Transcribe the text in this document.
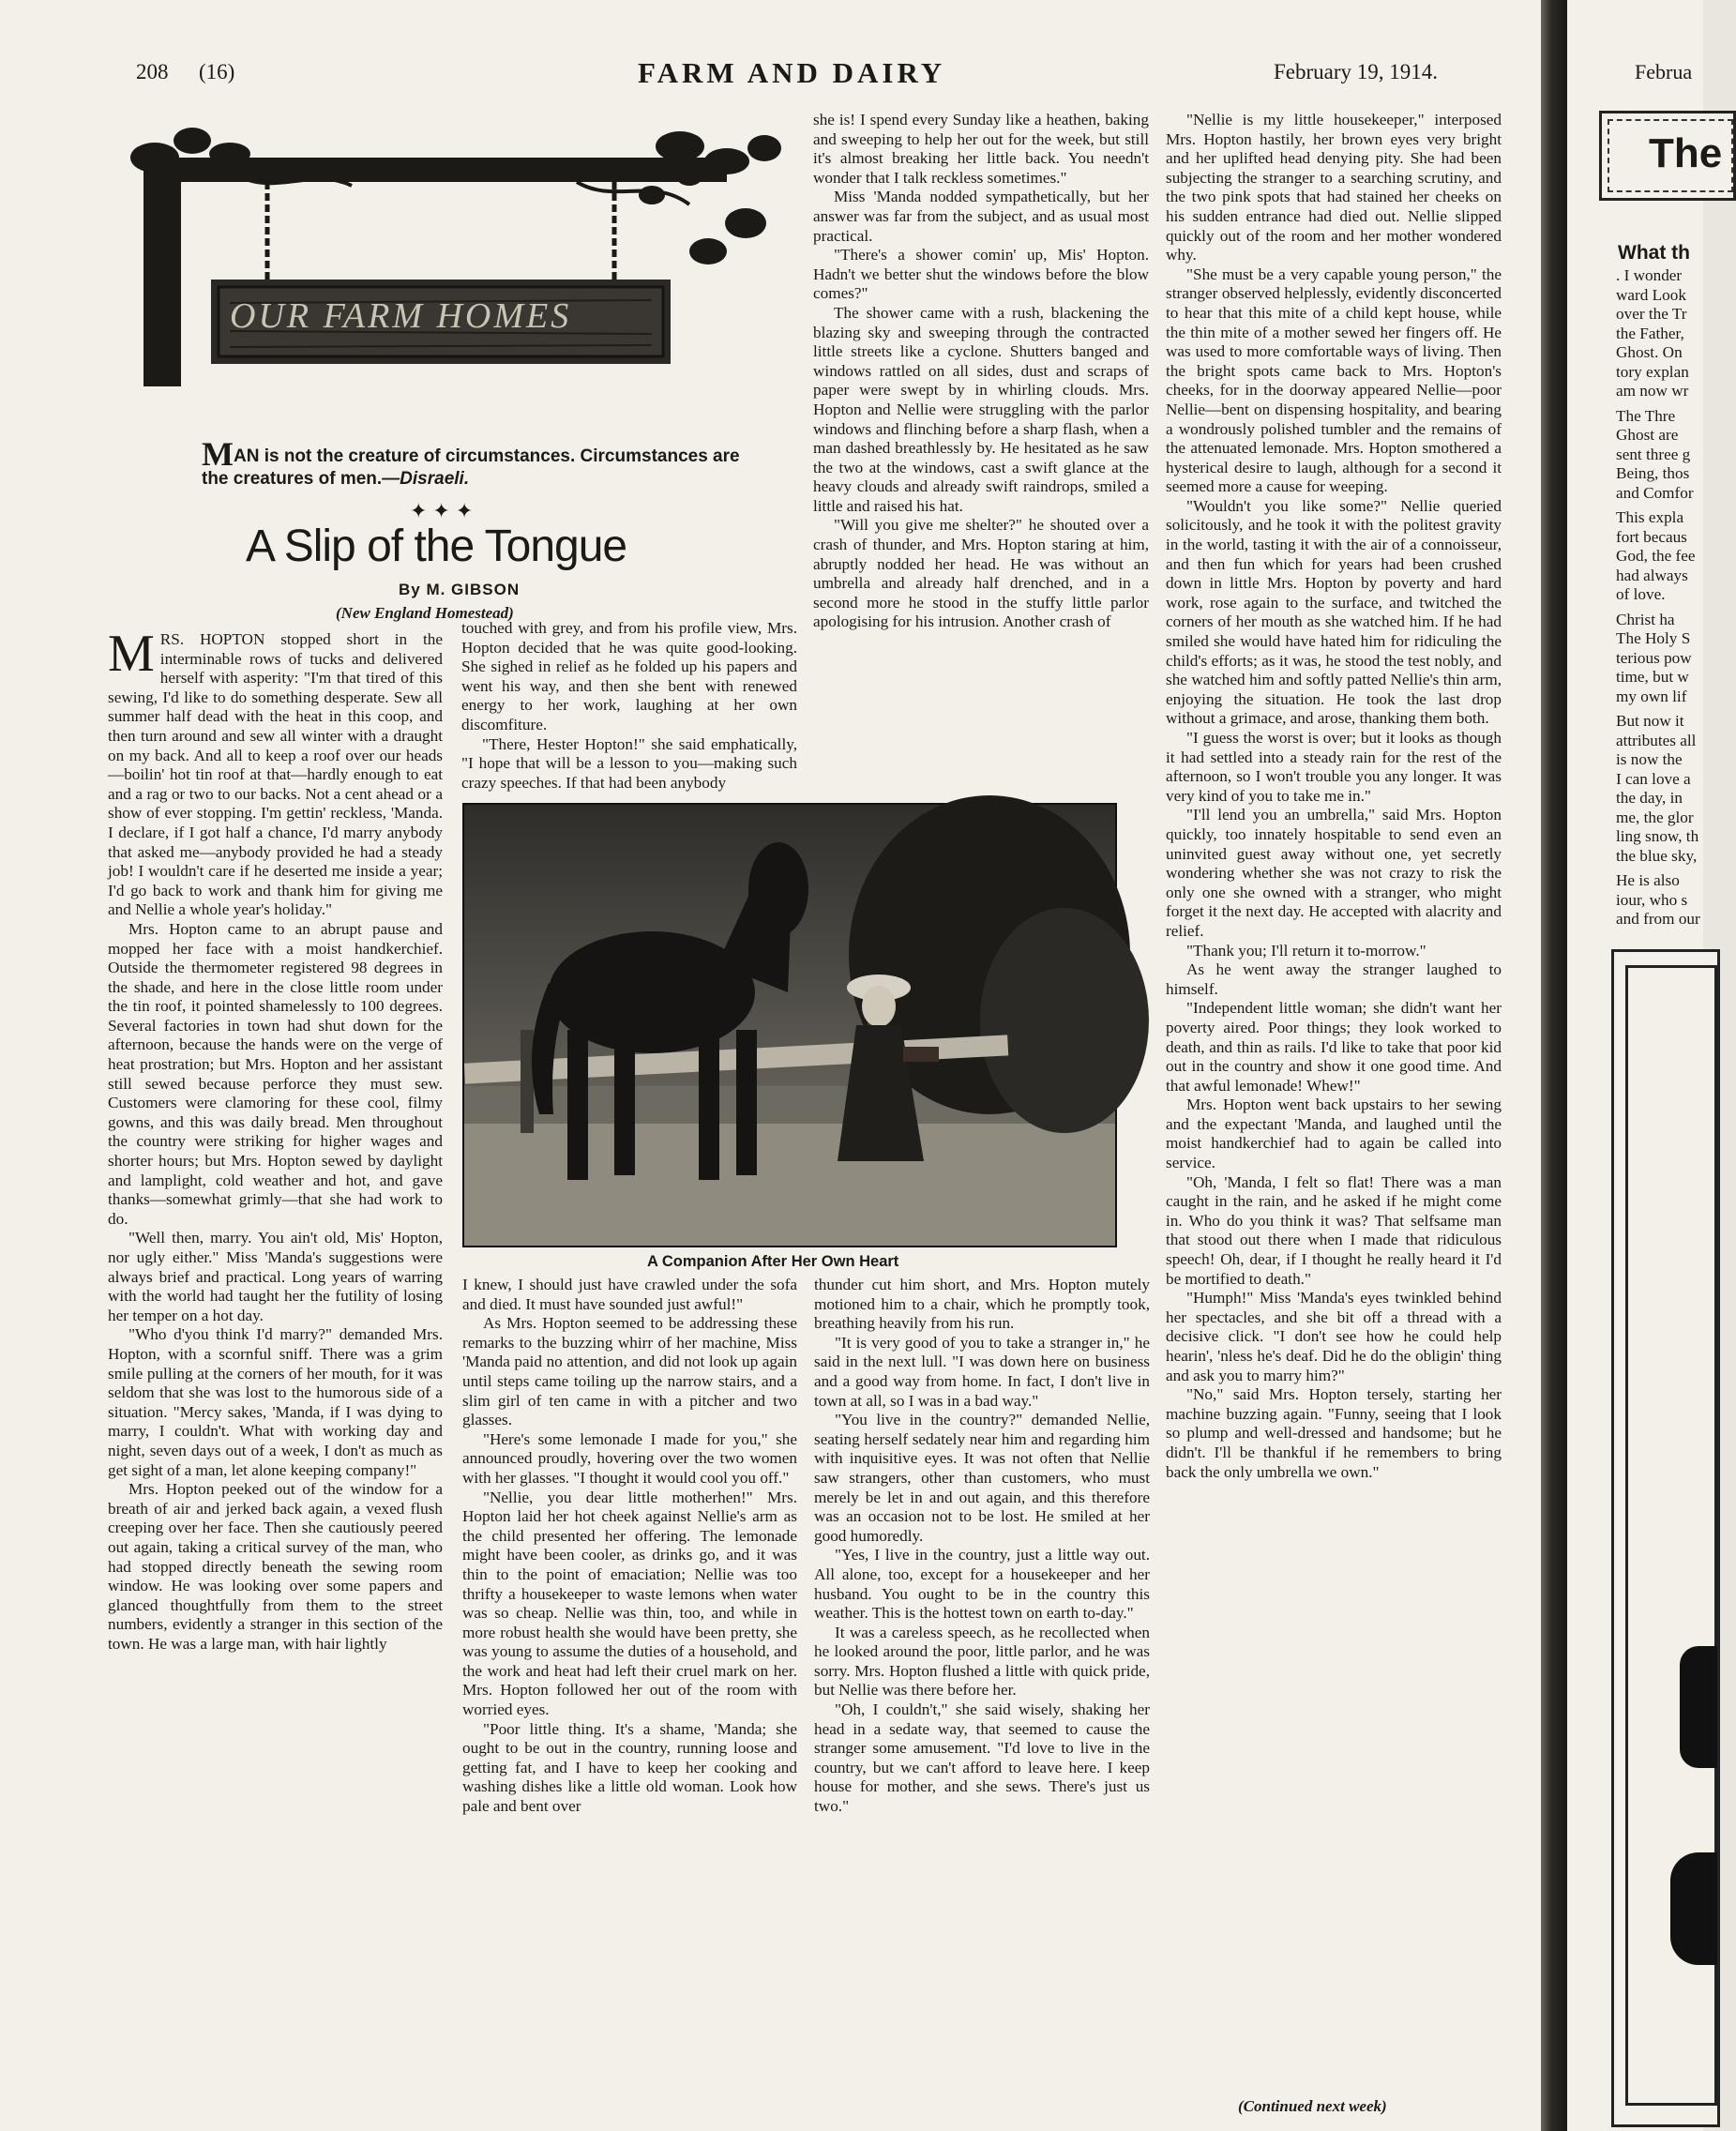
208 (16)	FARM AND DAIRY	February 19, 1914.
OUR FARM HOMES
MAN is not the creature of circumstances. Circumstances are the creatures of men.—Disraeli.
✦✦✦
A Slip of the Tongue
By M. GIBSON
(New England Homestead)

MRS. HOPTON stopped short in the interminable rows of tucks and delivered herself with asperity: "I'm that tired of this sewing, I'd like to do something desperate. Sew all summer half dead with the heat in this coop, and then turn around and sew all winter with a draught on my back. And all to keep a roof over our heads—boilin' hot tin roof at that—hardly enough to eat and a rag or two to our backs. Not a cent ahead or a show of ever stopping. I'm gettin' reckless, 'Manda. I declare, if I got half a chance, I'd marry anybody that asked me—anybody provided he had a steady job! I wouldn't care if he deserted me inside a year; I'd go back to work and thank him for giving me and Nellie a whole year's holiday."

Mrs. Hopton came to an abrupt pause and mopped her face with a moist handkerchief. Outside the thermometer registered 98 degrees in the shade, and here in the close little room under the tin roof, it pointed shamelessly to 100 degrees. Several factories in town had shut down for the afternoon, because the hands were on the verge of heat prostration; but Mrs. Hopton and her assistant still sewed because perforce they must sew. Customers were clamoring for these cool, filmy gowns, and this was daily bread. Men throughout the country were striking for higher wages and shorter hours; but Mrs. Hopton sewed by daylight and lamplight, cold weather and hot, and gave thanks—somewhat grimly—that she had work to do.

"Well then, marry. You ain't old, Mis' Hopton, nor ugly either." Miss 'Manda's suggestions were always brief and practical. Long years of warring with the world had taught her the futility of losing her temper on a hot day.

"Who d'you think I'd marry?" demanded Mrs. Hopton, with a scornful sniff. There was a grim smile pulling at the corners of her mouth, for it was seldom that she was lost to the humorous side of a situation. "Mercy sakes, 'Manda, if I was dying to marry, I couldn't. What with working day and night, seven days out of a week, I don't as much as get sight of a man, let alone keeping company!"

Mrs. Hopton peeked out of the window for a breath of air and jerked back again, a vexed flush creeping over her face. Then she cautiously peered out again, taking a critical survey of the man, who had stopped directly beneath the sewing room window. He was looking over some papers and glanced thoughtfully from them to the street numbers, evidently a stranger in this section of the town. He was a large man, with hair lightly

touched with grey, and from his profile view, Mrs. Hopton decided that he was quite good-looking. She sighed in relief as he folded up his papers and went his way, and then she bent with renewed energy to her work, laughing at her own discomfiture.

"There, Hester Hopton!" she said emphatically, "I hope that will be a lesson to you—making such crazy speeches. If that had been anybody

she is! I spend every Sunday like a heathen, baking and sweeping to help her out for the week, but still it's almost breaking her little back. You needn't wonder that I talk reckless sometimes."

Miss 'Manda nodded sympathetically, but her answer was far from the subject, and as usual most practical.

"There's a shower comin' up, Mis' Hopton. Hadn't we better shut the windows before the blow comes?"

The shower came with a rush, blackening the blazing sky and sweeping through the contracted little streets like a cyclone. Shutters banged and windows rattled on all sides, dust and scraps of paper were swept by in whirling clouds. Mrs. Hopton and Nellie were struggling with the parlor windows and flinching before a sharp flash, when a man dashed breathlessly by. He hesitated as he saw the two at the windows, cast a swift glance at the heavy clouds and already swift raindrops, smiled a little and raised his hat.

"Will you give me shelter?" he shouted over a crash of thunder, and Mrs. Hopton staring at him, abruptly nodded her head. He was without an umbrella and already half drenched, and in a second more he stood in the stuffy little parlor apologising for his intrusion. Another crash of

A Companion After Her Own Heart

I knew, I should just have crawled under the sofa and died. It must have sounded just awful!"

As Mrs. Hopton seemed to be addressing these remarks to the buzzing whirr of her machine, Miss 'Manda paid no attention, and did not look up again until steps came toiling up the narrow stairs, and a slim girl of ten came in with a pitcher and two glasses.

"Here's some lemonade I made for you," she announced proudly, hovering over the two women with her glasses. "I thought it would cool you off."

"Nellie, you dear little motherhen!" Mrs. Hopton laid her hot cheek against Nellie's arm as the child presented her offering. The lemonade might have been cooler, as drinks go, and it was thin to the point of emaciation; Nellie was too thrifty a housekeeper to waste lemons when water was so cheap. Nellie was thin, too, and while in more robust health she would have been pretty, she was young to assume the duties of a household, and the work and heat had left their cruel mark on her. Mrs. Hopton followed her out of the room with worried eyes.

"Poor little thing. It's a shame, 'Manda; she ought to be out in the country, running loose and getting fat, and I have to keep her cooking and washing dishes like a little old woman. Look how pale and bent over

thunder cut him short, and Mrs. Hopton mutely motioned him to a chair, which he promptly took, breathing heavily from his run.

"It is very good of you to take a stranger in," he said in the next lull. "I was down here on business and a good way from home. In fact, I don't live in town at all, so I was in a bad way."

"You live in the country?" demanded Nellie, seating herself sedately near him and regarding him with inquisitive eyes. It was not often that Nellie saw strangers, other than customers, who must merely be let in and out again, and this therefore was an occasion not to be lost. He smiled at her good humoredly.

"Yes, I live in the country, just a little way out. All alone, too, except for a housekeeper and her husband. You ought to be in the country this weather. This is the hottest town on earth to-day."

It was a careless speech, as he recollected when he looked around the poor, little parlor, and he was sorry. Mrs. Hopton flushed a little with quick pride, but Nellie was there before her.

"Oh, I couldn't," she said wisely, shaking her head in a sedate way, that seemed to cause the stranger some amusement. "I'd love to live in the country, but we can't afford to leave here. I keep house for mother, and she sews. There's just us two."

"Nellie is my little housekeeper," interposed Mrs. Hopton hastily, her brown eyes very bright and her uplifted head denying pity. She had been subjecting the stranger to a searching scrutiny, and the two pink spots that had stained her cheeks on his sudden entrance had died out. Nellie slipped quickly out of the room and her mother wondered why.

"She must be a very capable young person," the stranger observed helplessly, evidently disconcerted to hear that this mite of a child kept house, while the thin mite of a mother sewed her fingers off. He was used to more comfortable ways of living. Then the bright spots came back to Mrs. Hopton's cheeks, for in the doorway appeared Nellie—poor Nellie—bent on dispensing hospitality, and bearing a wondrously polished tumbler and the remains of the attenuated lemonade. Mrs. Hopton smothered a hysterical desire to laugh, although for a second it seemed more a cause for weeping.

"Wouldn't you like some?" Nellie queried solicitously, and he took it with the politest gravity in the world, tasting it with the air of a connoisseur, and then fun which for years had been crushed down in little Mrs. Hopton by poverty and hard work, rose again to the surface, and twitched the corners of her mouth as she watched him. If he had smiled she would have hated him for ridiculing the child's efforts; as it was, he stood the test nobly, and she watched him and softly patted Nellie's thin arm, enjoying the situation. He took the last drop without a grimace, and arose, thanking them both.

"I guess the worst is over; but it looks as though it had settled into a steady rain for the rest of the afternoon, so I won't trouble you any longer. It was very kind of you to take me in."

"I'll lend you an umbrella," said Mrs. Hopton quickly, too innately hospitable to send even an uninvited guest away without one, yet secretly wondering whether she was not crazy to risk the only one she owned with a stranger, who might forget it the next day. He accepted with alacrity and relief.

"Thank you; I'll return it to-morrow."

As he went away the stranger laughed to himself.

"Independent little woman; she didn't want her poverty aired. Poor things; they look worked to death, and thin as rails. I'd like to take that poor kid out in the country and show it one good time. And that awful lemonade! Whew!"

Mrs. Hopton went back upstairs to her sewing and the expectant 'Manda, and laughed until the moist handkerchief had to again be called into service.

"Oh, 'Manda, I felt so flat! There was a man caught in the rain, and he asked if he might come in. Who do you think it was? That selfsame man that stood out there when I made that ridiculous speech! Oh, dear, if I thought he really heard it I'd be mortified to death."

"Humph!" Miss 'Manda's eyes twinkled behind her spectacles, and she bit off a thread with a decisive click. "I don't see how he could help hearin', 'nless he's deaf. Did he do the obligin' thing and ask you to marry him?"

"No," said Mrs. Hopton tersely, starting her machine buzzing again. "Funny, seeing that I look so plump and well-dressed and handsome; but he didn't. I'll be thankful if he remembers to bring back the only umbrella we own."

(Continued next week)
Februa
The
What th
. I wonder
ward Look
over the Tr
the Father,
Ghost. On
tory explan
am now wr
The Thre
Ghost are
sent three g
Being, thos
and Comfor
This expla
fort becaus
God, the fee
had always
of love.
Christ ha
The Holy S
terious pow
time, but w
my own lif
But now it
attributes all
is now the
I can love a
the day, in
me, the glor
ling snow, th
the blue sky,
He is also
iour, who s
and from our
